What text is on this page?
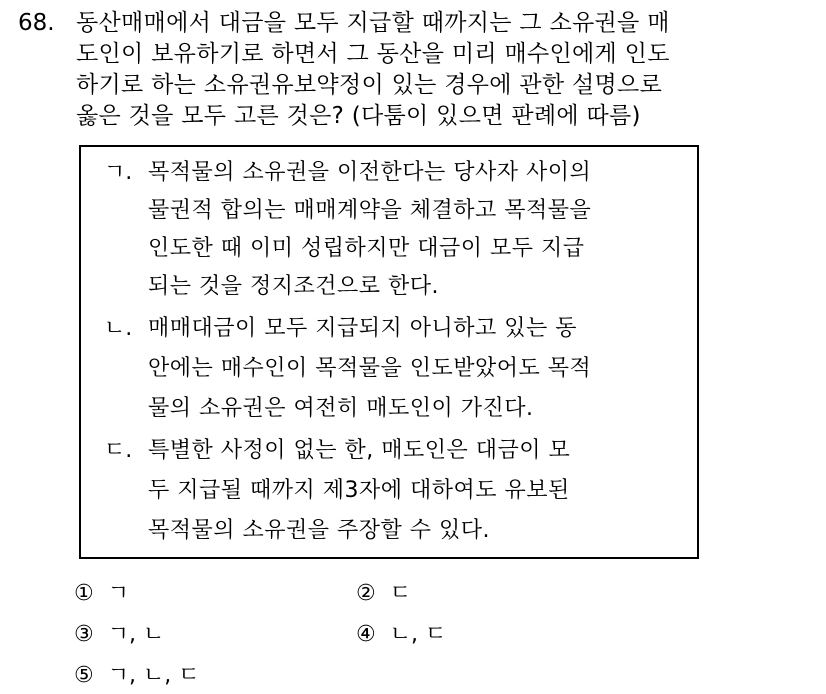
68. 동산매매에서 대금을 모두 지급할 때까지는 그 소유권을 매
도인이 보유하기로 하면서 그 동산을 미리 매수인에게 인도
하기로 하는 소유권유보약정이 있는 경우에 관한 설명으로
옳은 것을 모두 고른 것은? (다툼이 있으면 판례에 따름)
ㄱ. 목적물의 소유권을 이전한다는 당사자 사이의
물권적 합의는 매매계약을 체결하고 목적물을
인도한 때 이미 성립하지만 대금이 모두 지급
되는 것을 정지조건으로 한다.
ㄴ. 매매대금이 모두 지급되지 아니하고 있는 동
안에는 매수인이 목적물을 인도받았어도 목적
물의 소유권은 여전히 매도인이 가진다.
ㄷ. 특별한 사정이 없는 한, 매도인은 대금이 모
두 지급될 때까지 제3자에 대하여도 유보된
목적물의 소유권을 주장할 수 있다.
① ㄱ	② ㄷ
③ ㄱ, ㄴ	④ ㄴ, ㄷ
⑤ ㄱ, ㄴ, ㄷ
